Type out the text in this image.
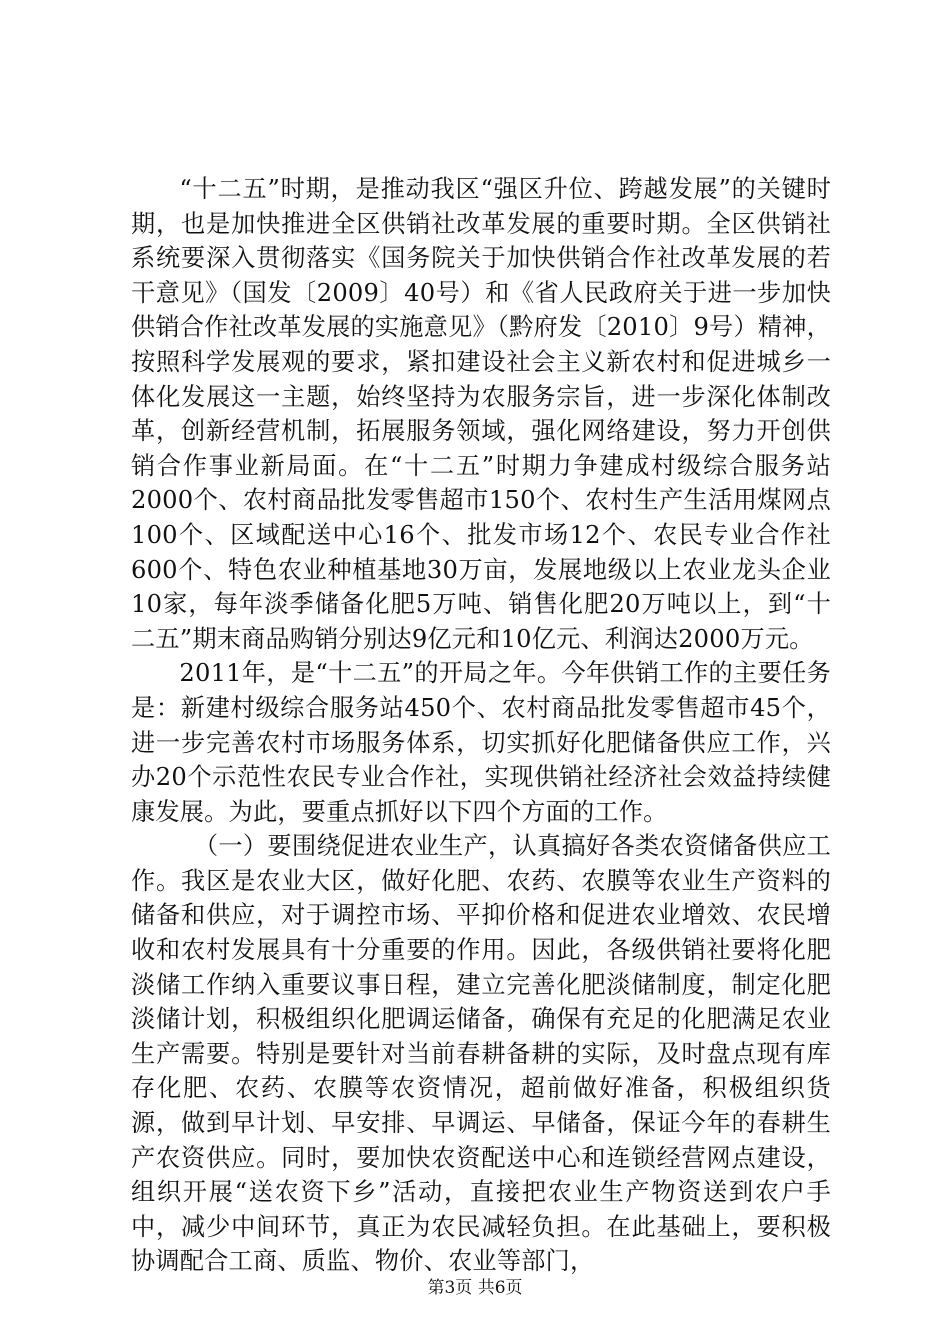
“十二五”时期，是推动我区“强区升位、跨越发展”的关键时期，也是加快推进全区供销社改革发展的重要时期。全区供销社系统要深入贯彻落实《国务院关于加快供销合作社改革发展的若干意见》（国发〔2009〕40号）和《省人民政府关于进一步加快供销合作社改革发展的实施意见》（黔府发〔2010〕9号）精神，按照科学发展观的要求，紧扣建设社会主义新农村和促进城乡一体化发展这一主题，始终坚持为农服务宗旨，进一步深化体制改革，创新经营机制，拓展服务领域，强化网络建设，努力开创供销合作事业新局面。在“十二五”时期力争建成村级综合服务站2000个、农村商品批发零售超市150个、农村生产生活用煤网点100个、区域配送中心16个、批发市场12个、农民专业合作社600个、特色农业种植基地30万亩，发展地级以上农业龙头企业10家，每年淡季储备化肥5万吨、销售化肥20万吨以上，到“十二五”期末商品购销分别达9亿元和10亿元、利润达2000万元。

2011年，是“十二五”的开局之年。今年供销工作的主要任务是：新建村级综合服务站450个、农村商品批发零售超市45个，进一步完善农村市场服务体系，切实抓好化肥储备供应工作，兴办20个示范性农民专业合作社，实现供销社经济社会效益持续健康发展。为此，要重点抓好以下四个方面的工作。

（一）要围绕促进农业生产，认真搞好各类农资储备供应工作。我区是农业大区，做好化肥、农药、农膜等农业生产资料的储备和供应，对于调控市场、平抑价格和促进农业增效、农民增收和农村发展具有十分重要的作用。因此，各级供销社要将化肥淡储工作纳入重要议事日程，建立完善化肥淡储制度，制定化肥淡储计划，积极组织化肥调运储备，确保有充足的化肥满足农业生产需要。特别是要针对当前春耕备耕的实际，及时盘点现有库存化肥、农药、农膜等农资情况，超前做好准备，积极组织货源，做到早计划、早安排、早调运、早储备，保证今年的春耕生产农资供应。同时，要加快农资配送中心和连锁经营网点建设，组织开展“送农资下乡”活动，直接把农业生产物资送到农户手中，减少中间环节，真正为农民减轻负担。在此基础上，要积极协调配合工商、质监、物价、农业等部门，

第3页 共6页
